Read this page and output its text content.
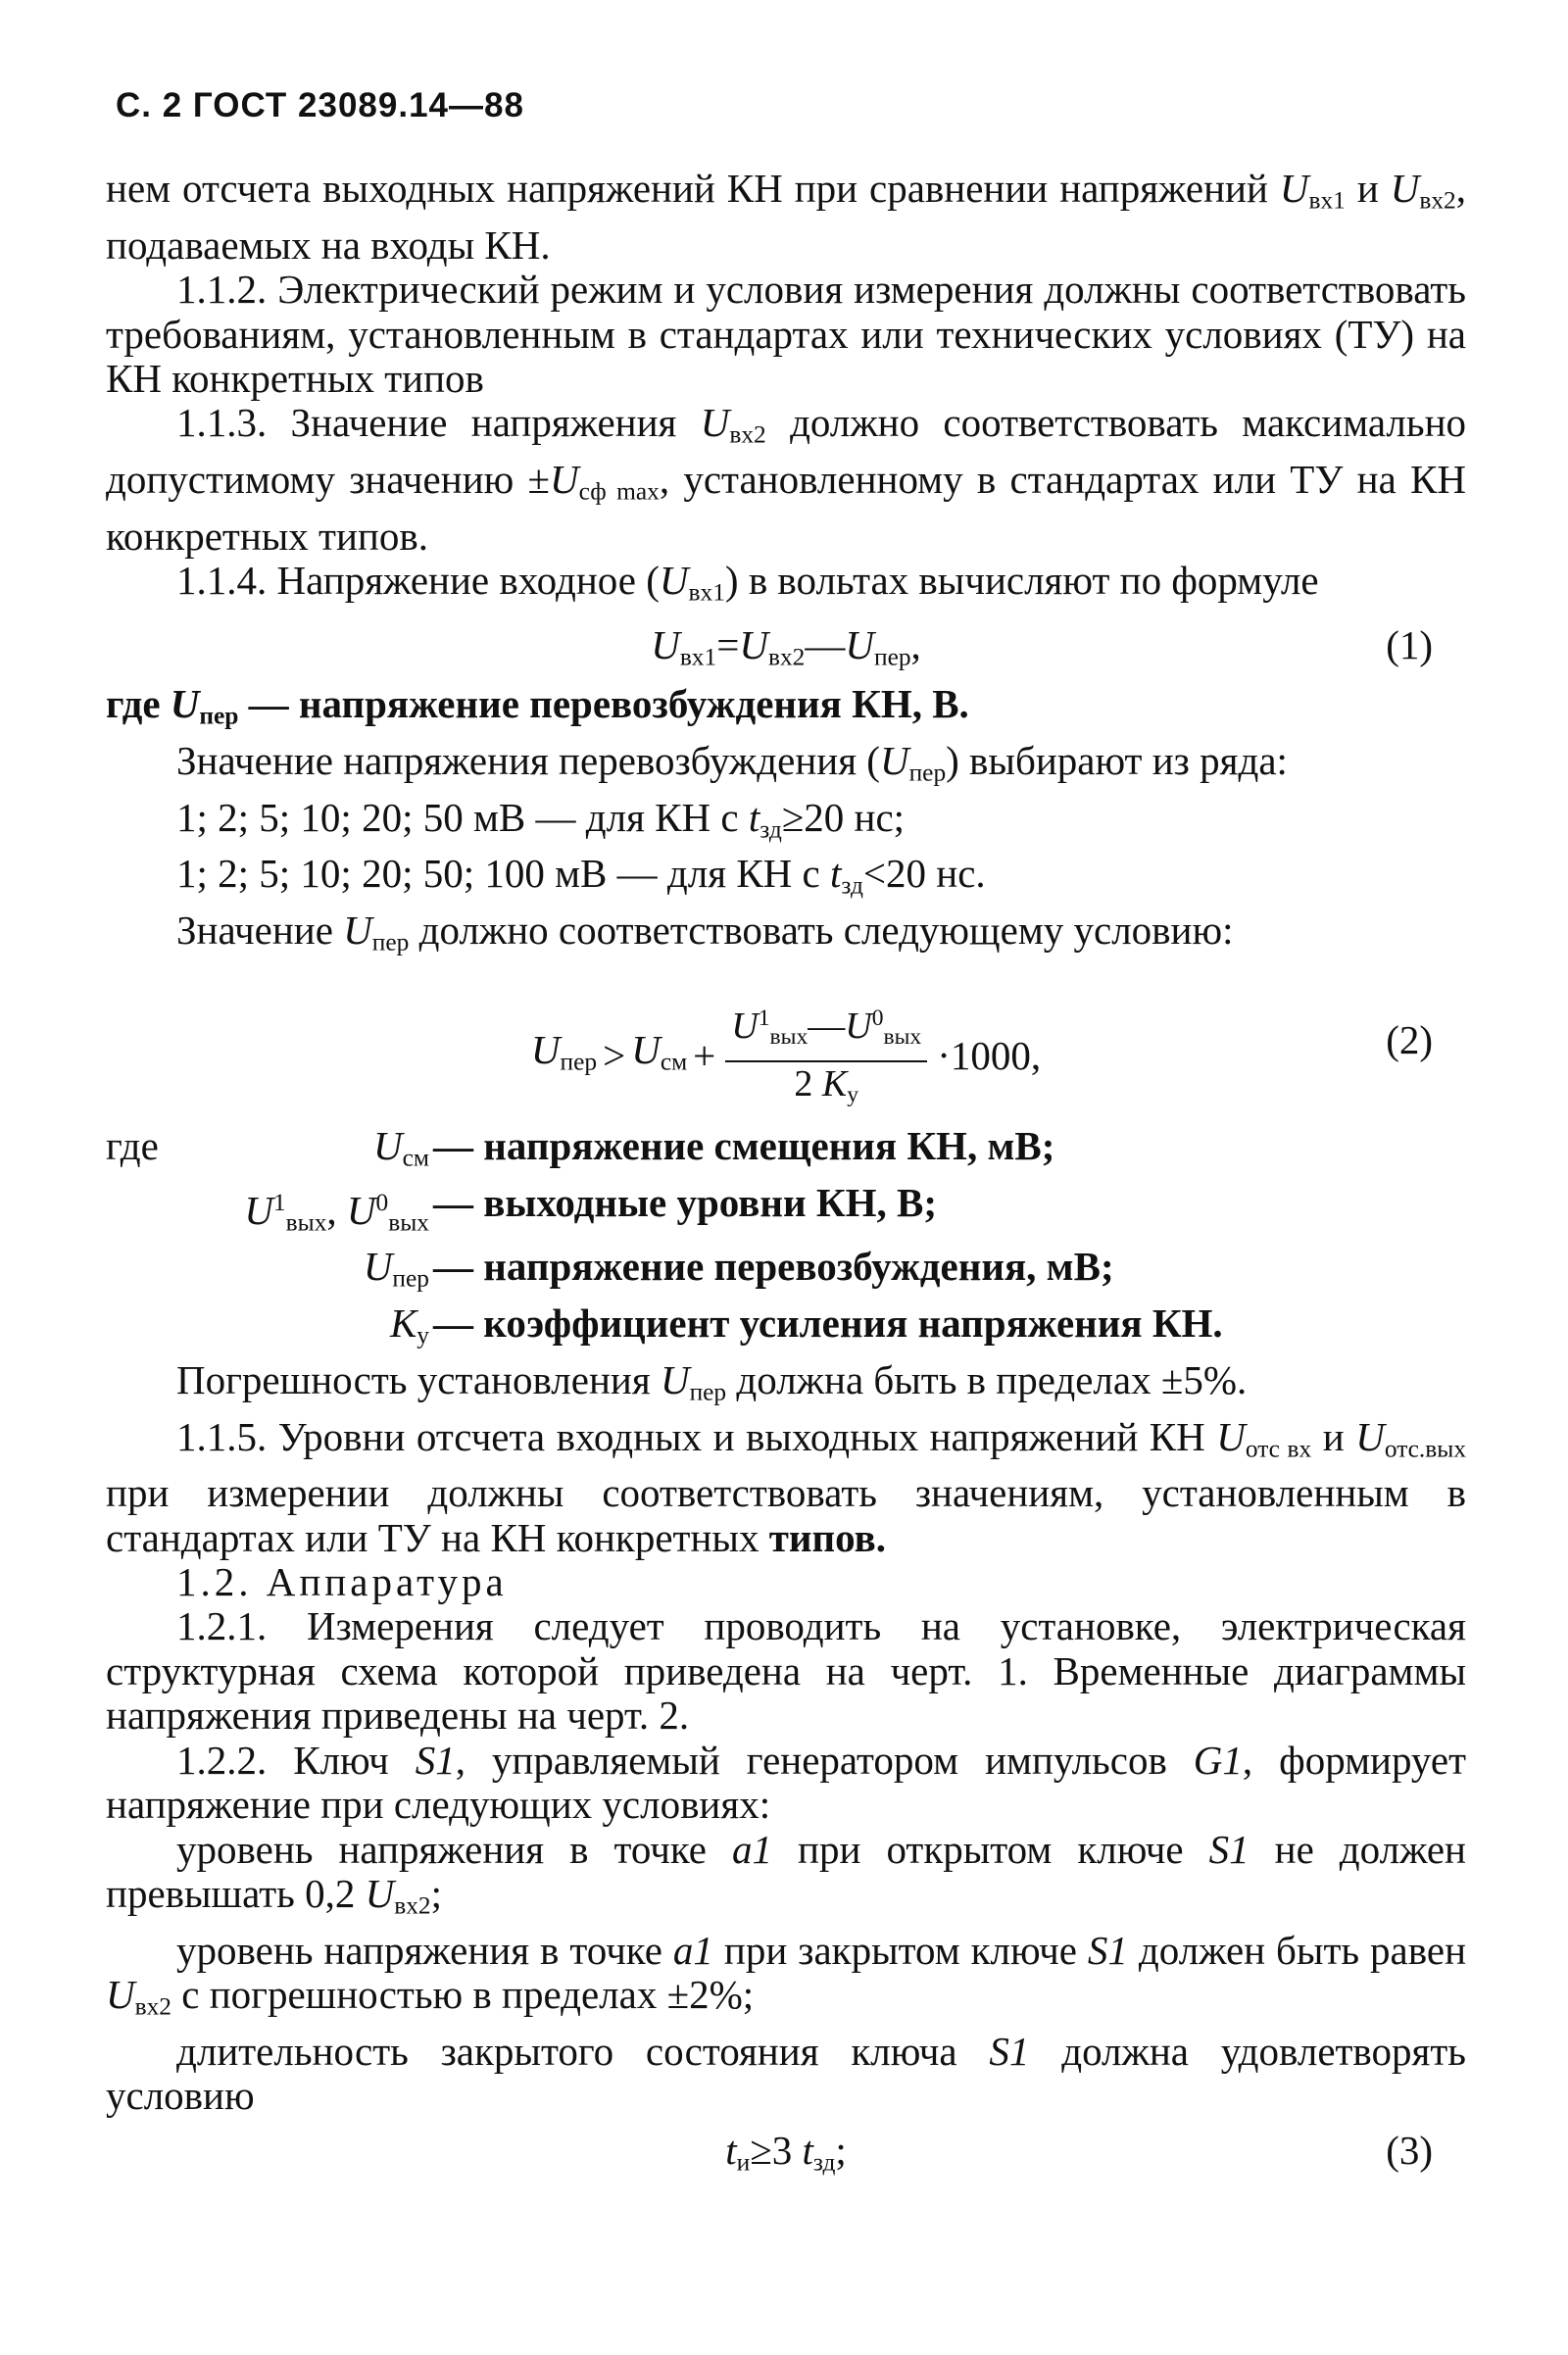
С. 2 ГОСТ 23089.14—88

нем отсчета выходных напряжений КН при сравнении напряжений $U_{вх1}$ и $U_{вх2}$, подаваемых на входы КН.

1.1.2. Электрический режим и условия измерения должны соответствовать требованиям, установленным в стандартах или технических условиях (ТУ) на КН конкретных типов

1.1.3. Значение напряжения $U_{вх2}$ должно соответствовать максимально допустимому значению $\pm U_{сф max}$, установленному в стандартах или ТУ на КН конкретных типов.

1.1.4. Напряжение входное $(U_{вх1})$ в вольтах вычисляют по формуле

$U_{вх1}=U_{вх2}—U_{пер}$,	(1)

где $U_{пер}$ — напряжение перевозбуждения КН, В.

Значение напряжения перевозбуждения $(U_{пер})$ выбирают из ряда:

1; 2; 5; 10; 20; 50 мВ — для КН с $t_{зд}\ge 20$ нс;

1; 2; 5; 10; 20; 50; 100 мВ — для КН с $t_{зд}<20$ нс.

Значение $U_{пер}$ должно соответствовать следующему условию:

$U_{пер} > U_{см} + \frac{U^1_{вых}—U^0_{вых}}{2 K_у} \cdot 1000$,	(2)
где	$U_{см}$ — напряжение смещения КН, мВ;
$U^1_{вых}$, $U^0_{вых}$ — выходные уровни КН, В;
$U_{пер}$ — напряжение перевозбуждения, мВ;
$K_у$ — коэффициент усиления напряжения КН.

Погрешность установления $U_{пер}$ должна быть в пределах ±5%.

1.1.5. Уровни отсчета входных и выходных напряжений КН $U_{отс вх}$ и $U_{отс.вых}$ при измерении должны соответствовать значениям, установленным в стандартах или ТУ на КН конкретных типов.

1.2. Аппаратура

1.2.1. Измерения следует проводить на установке, электрическая структурная схема которой приведена на черт. 1. Временные диаграммы напряжения приведены на черт. 2.

1.2.2. Ключ S1, управляемый генератором импульсов G1, формирует напряжение при следующих условиях:

уровень напряжения в точке a1 при открытом ключе S1 не должен превышать 0,2 $U_{вх2}$;

уровень напряжения в точке a1 при закрытом ключе S1 должен быть равен $U_{вх2}$ с погрешностью в пределах ±2%;

длительность закрытого состояния ключа S1 должна удовлетворять условию

$t_и\ge 3$ $t_{зд}$;	(3)
